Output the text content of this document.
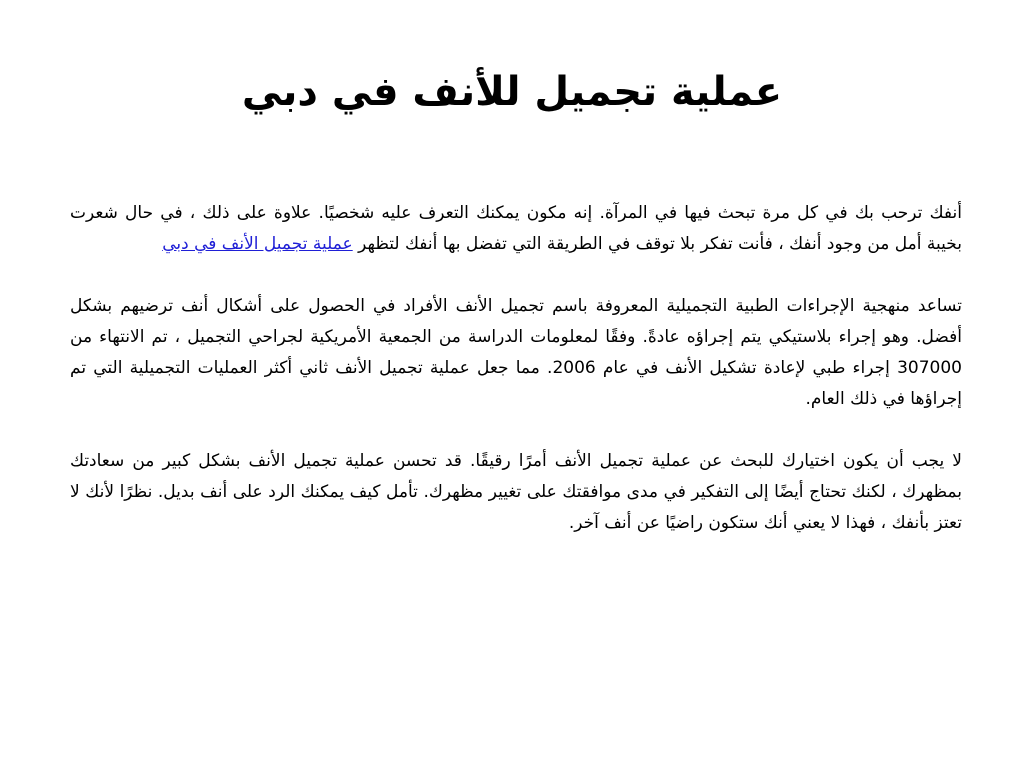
عملية تجميل للأنف في دبي

أنفك ترحب بك في كل مرة تبحث فيها في المرآة. إنه مكون يمكنك التعرف عليه شخصيًا. علاوة على ذلك ، في حال شعرت بخيبة أمل من وجود أنفك ، فأنت تفكر بلا توقف في الطريقة التي تفضل بها أنفك لتظهر عملية تجميل الأنف في دبي

تساعد منهجية الإجراءات الطبية التجميلية المعروفة باسم تجميل الأنف الأفراد في الحصول على أشكال أنف ترضيهم بشكل أفضل. وهو إجراء بلاستيكي يتم إجراؤه عادةً. وفقًا لمعلومات الدراسة من الجمعية الأمريكية لجراحي التجميل ، تم الانتهاء من 307000 إجراء طبي لإعادة تشكيل الأنف في عام 2006. مما جعل عملية تجميل الأنف ثاني أكثر العمليات التجميلية التي تم إجراؤها في ذلك العام.

لا يجب أن يكون اختيارك للبحث عن عملية تجميل الأنف أمرًا رقيقًا. قد تحسن عملية تجميل الأنف بشكل كبير من سعادتك بمظهرك ، لكنك تحتاج أيضًا إلى التفكير في مدى موافقتك على تغيير مظهرك. تأمل كيف يمكنك الرد على أنف بديل. نظرًا لأنك لا تعتز بأنفك ، فهذا لا يعني أنك ستكون راضيًا عن أنف آخر.
